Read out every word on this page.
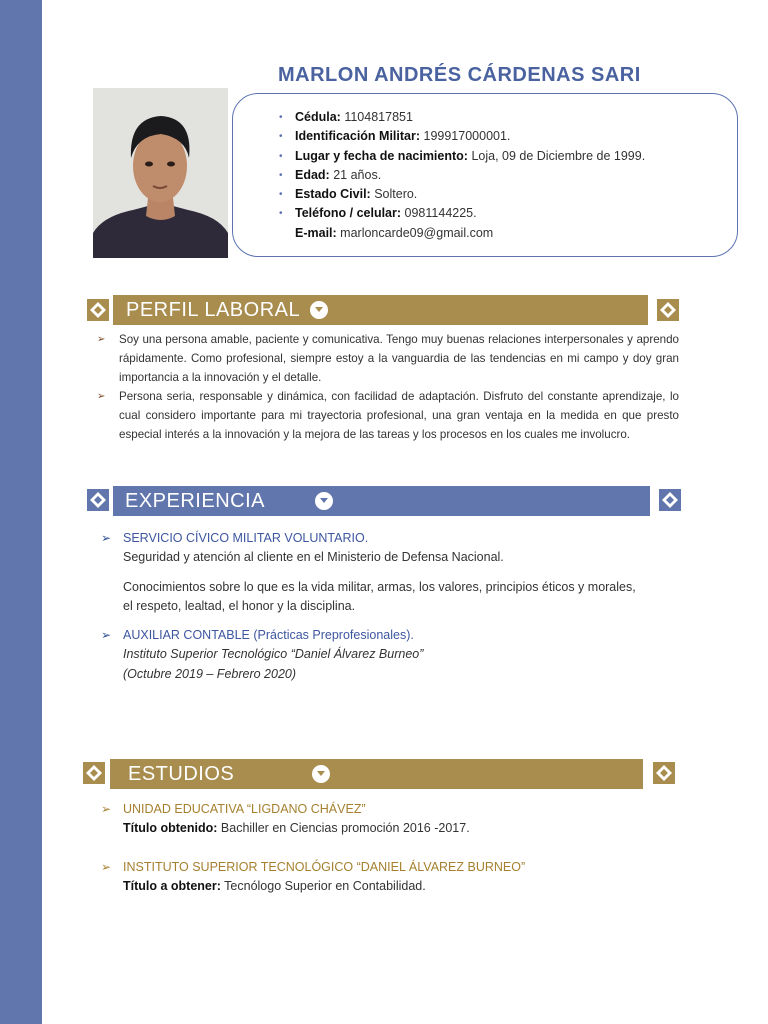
MARLON ANDRÉS CÁRDENAS SARI
• Cédula: 1104817851
• Identificación Militar: 199917000001.
• Lugar y fecha de nacimiento: Loja, 09 de Diciembre de 1999.
• Edad: 21 años.
• Estado Civil: Soltero.
• Teléfono / celular: 0981144225.
E-mail: marloncarde09@gmail.com
PERFIL LABORAL
➢ Soy una persona amable, paciente y comunicativa. Tengo muy buenas relaciones interpersonales y aprendo rápidamente. Como profesional, siempre estoy a la vanguardia de las tendencias en mi campo y doy gran importancia a la innovación y el detalle.
➢ Persona seria, responsable y dinámica, con facilidad de adaptación. Disfruto del constante aprendizaje, lo cual considero importante para mi trayectoria profesional, una gran ventaja en la medida en que presto especial interés a la innovación y la mejora de las tareas y los procesos en los cuales me involucro.
EXPERIENCIA
➢ SERVICIO CÍVICO MILITAR VOLUNTARIO.
Seguridad y atención al cliente en el Ministerio de Defensa Nacional.
Conocimientos sobre lo que es la vida militar, armas, los valores, principios éticos y morales, el respeto, lealtad, el honor y la disciplina.
➢ AUXILIAR CONTABLE (Prácticas Preprofesionales).
Instituto Superior Tecnológico “Daniel Álvarez Burneo”
(Octubre 2019 – Febrero 2020)
ESTUDIOS
➢ UNIDAD EDUCATIVA “LIGDANO CHÁVEZ”
Título obtenido: Bachiller en Ciencias promoción 2016 -2017.
➢ INSTITUTO SUPERIOR TECNOLÓGICO “DANIEL ÁLVAREZ BURNEO”
Título a obtener: Tecnólogo Superior en Contabilidad.
